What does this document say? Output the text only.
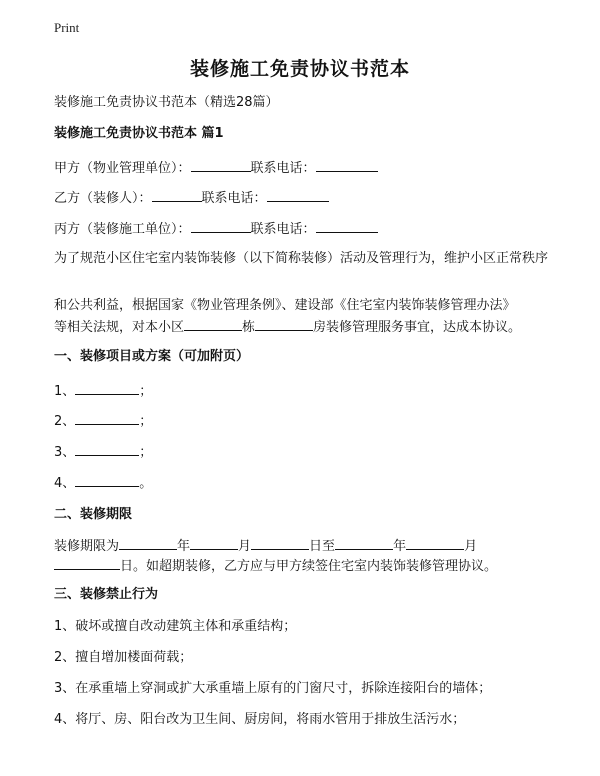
Print
装修施工免责协议书范本
装修施工免责协议书范本（精选28篇）
装修施工免责协议书范本 篇1
甲方（物业管理单位）：	联系电话：
乙方（装修人）：	联系电话：
丙方（装修施工单位）：	联系电话：
为了规范小区住宅室内装饰装修（以下简称装修）活动及管理行为，维护小区正常秩序
和公共利益，根据国家《物业管理条例》、建设部《住宅室内装饰装修管理办法》
等相关法规，对本小区	栋	房装修管理服务事宜，达成本协议。
一、装修项目或方案（可加附页）
1、	；
2、	；
3、	；
4、	。
二、装修期限
装修期限为	年	月	日至	年	月
日。如超期装修，乙方应与甲方续签住宅室内装饰装修管理协议。
三、装修禁止行为
1、破坏或擅自改动建筑主体和承重结构；
2、擅自增加楼面荷载；
3、在承重墙上穿洞或扩大承重墙上原有的门窗尺寸，拆除连接阳台的墙体；
4、将厅、房、阳台改为卫生间、厨房间，将雨水管用于排放生活污水；
